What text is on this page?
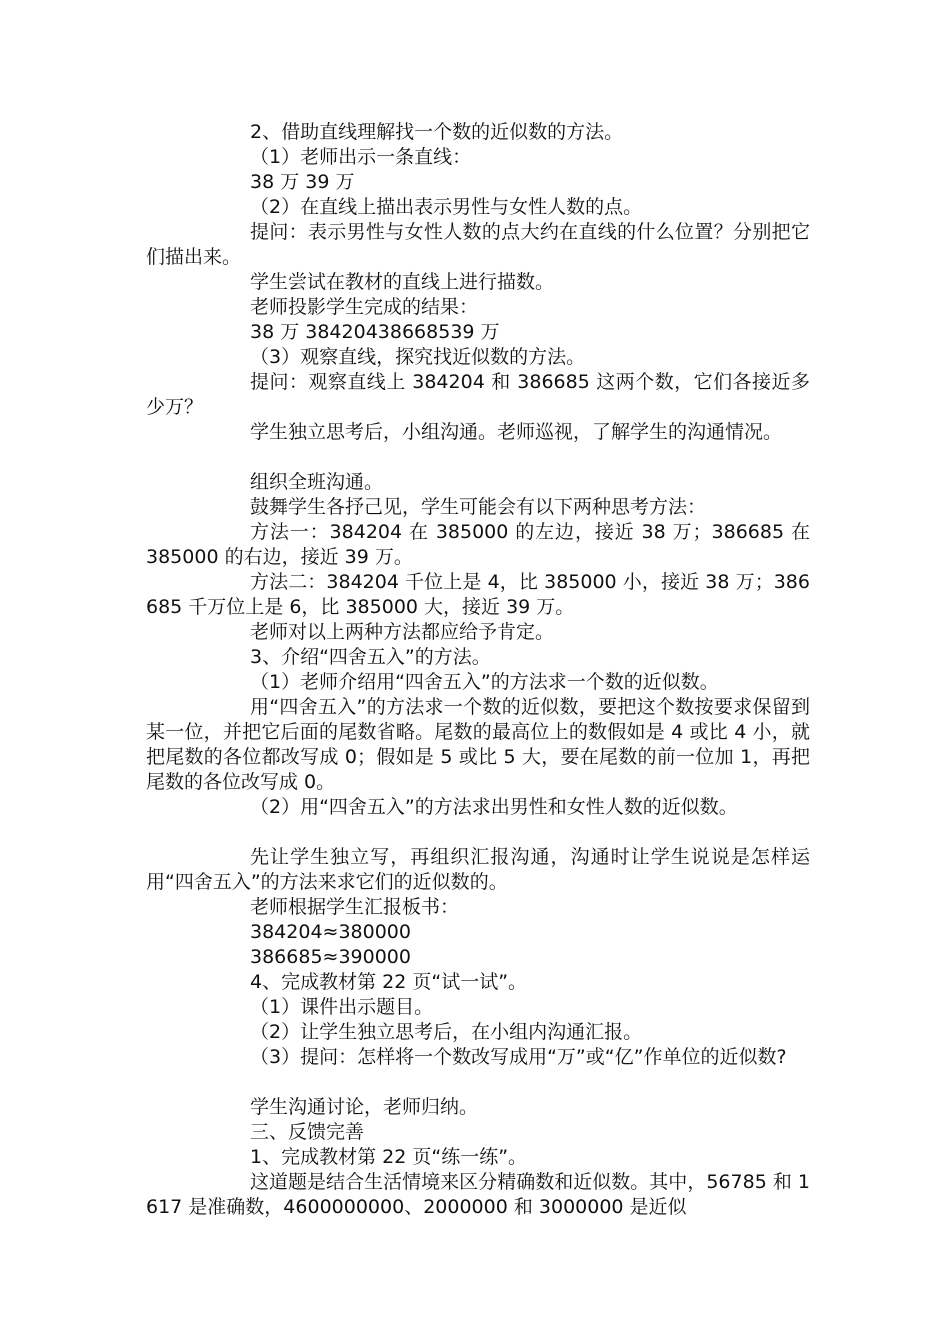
2、借助直线理解找一个数的近似数的方法。

（1）老师出示一条直线：

38 万 39 万

（2）在直线上描出表示男性与女性人数的点。

提问：表示男性与女性人数的点大约在直线的什么位置？分别把它们描出来。

学生尝试在教材的直线上进行描数。

老师投影学生完成的结果：

38 万 38420438668539 万

（3）观察直线，探究找近似数的方法。

提问：观察直线上 384204 和 386685 这两个数，它们各接近多少万？

学生独立思考后，小组沟通。老师巡视，了解学生的沟通情况。

组织全班沟通。

鼓舞学生各抒己见，学生可能会有以下两种思考方法：

方法一：384204 在 385000 的左边，接近 38 万；386685 在 385000 的右边，接近 39 万。

方法二：384204 千位上是 4，比 385000 小，接近 38 万；386685 千万位上是 6，比 385000 大，接近 39 万。

老师对以上两种方法都应给予肯定。

3、介绍“四舍五入”的方法。

（1）老师介绍用“四舍五入”的方法求一个数的近似数。

用“四舍五入”的方法求一个数的近似数，要把这个数按要求保留到某一位，并把它后面的尾数省略。尾数的最高位上的数假如是 4 或比 4 小，就把尾数的各位都改写成 0；假如是 5 或比 5 大，要在尾数的前一位加 1，再把尾数的各位改写成 0。

（2）用“四舍五入”的方法求出男性和女性人数的近似数。

先让学生独立写，再组织汇报沟通，沟通时让学生说说是怎样运用“四舍五入”的方法来求它们的近似数的。

老师根据学生汇报板书：

384204≈380000

386685≈390000

4、完成教材第 22 页“试一试”。

（1）课件出示题目。

（2）让学生独立思考后，在小组内沟通汇报。

（3）提问：怎样将一个数改写成用“万”或“亿”作单位的近似数?

学生沟通讨论，老师归纳。

三、反馈完善

1、完成教材第 22 页“练一练”。

这道题是结合生活情境来区分精确数和近似数。其中，56785 和 1617 是准确数，4600000000、2000000 和 3000000 是近似
